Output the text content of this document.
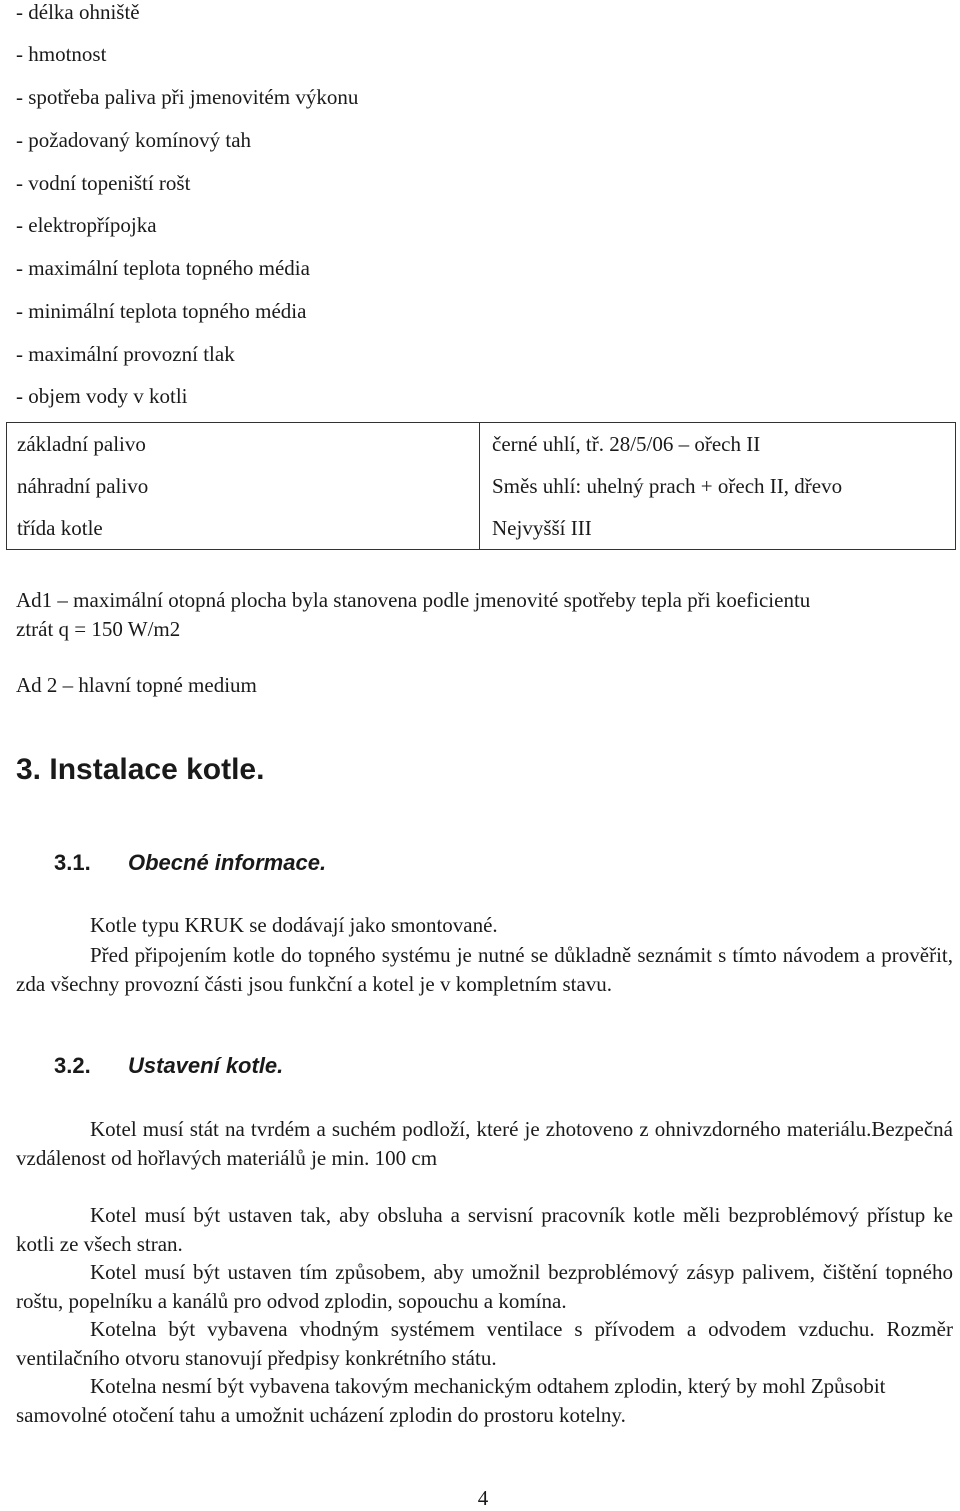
- délka ohniště
- hmotnost
- spotřeba paliva při jmenovitém výkonu
- požadovaný komínový tah
- vodní topeniští rošt
- elektropřípojka
- maximální teplota topného média
- minimální teplota topného média
- maximální provozní tlak
- objem vody v kotli
základní palivo	černé uhlí, tř. 28/5/06 – ořech II
náhradní palivo	Směs uhlí: uhelný prach + ořech II, dřevo
třída kotle	Nejvyšší III
Ad1 – maximální otopná plocha byla stanovena podle jmenovité spotřeby tepla při koeficientu ztrát q = 150 W/m2
Ad 2 – hlavní topné medium
3. Instalace kotle.
3.1. Obecné informace.
Kotle typu KRUK se dodávají jako smontované.
Před připojením kotle do topného systému je nutné se důkladně seznámit s tímto návodem a prověřit, zda všechny provozní části jsou funkční a kotel je v kompletním stavu.
3.2. Ustavení kotle.
Kotel musí stát na tvrdém a suchém podloží, které je zhotoveno z ohnivzdorného materiálu.Bezpečná vzdálenost od hořlavých materiálů je min. 100 cm
Kotel musí být ustaven tak, aby obsluha a servisní pracovník kotle měli bezproblémový přístup ke kotli ze všech stran.
Kotel musí být ustaven tím způsobem, aby umožnil bezproblémový zásyp palivem, čištění topného roštu, popelníku a kanálů pro odvod zplodin, sopouchu a komína.
Kotelna být vybavena vhodným systémem ventilace s přívodem a odvodem vzduchu. Rozměr ventilačního otvoru stanovují předpisy konkrétního státu.
Kotelna nesmí být vybavena takovým mechanickým odtahem zplodin, který by mohl Způsobit samovolné otočení tahu a umožnit ucházení zplodin do prostoru kotelny.
4
